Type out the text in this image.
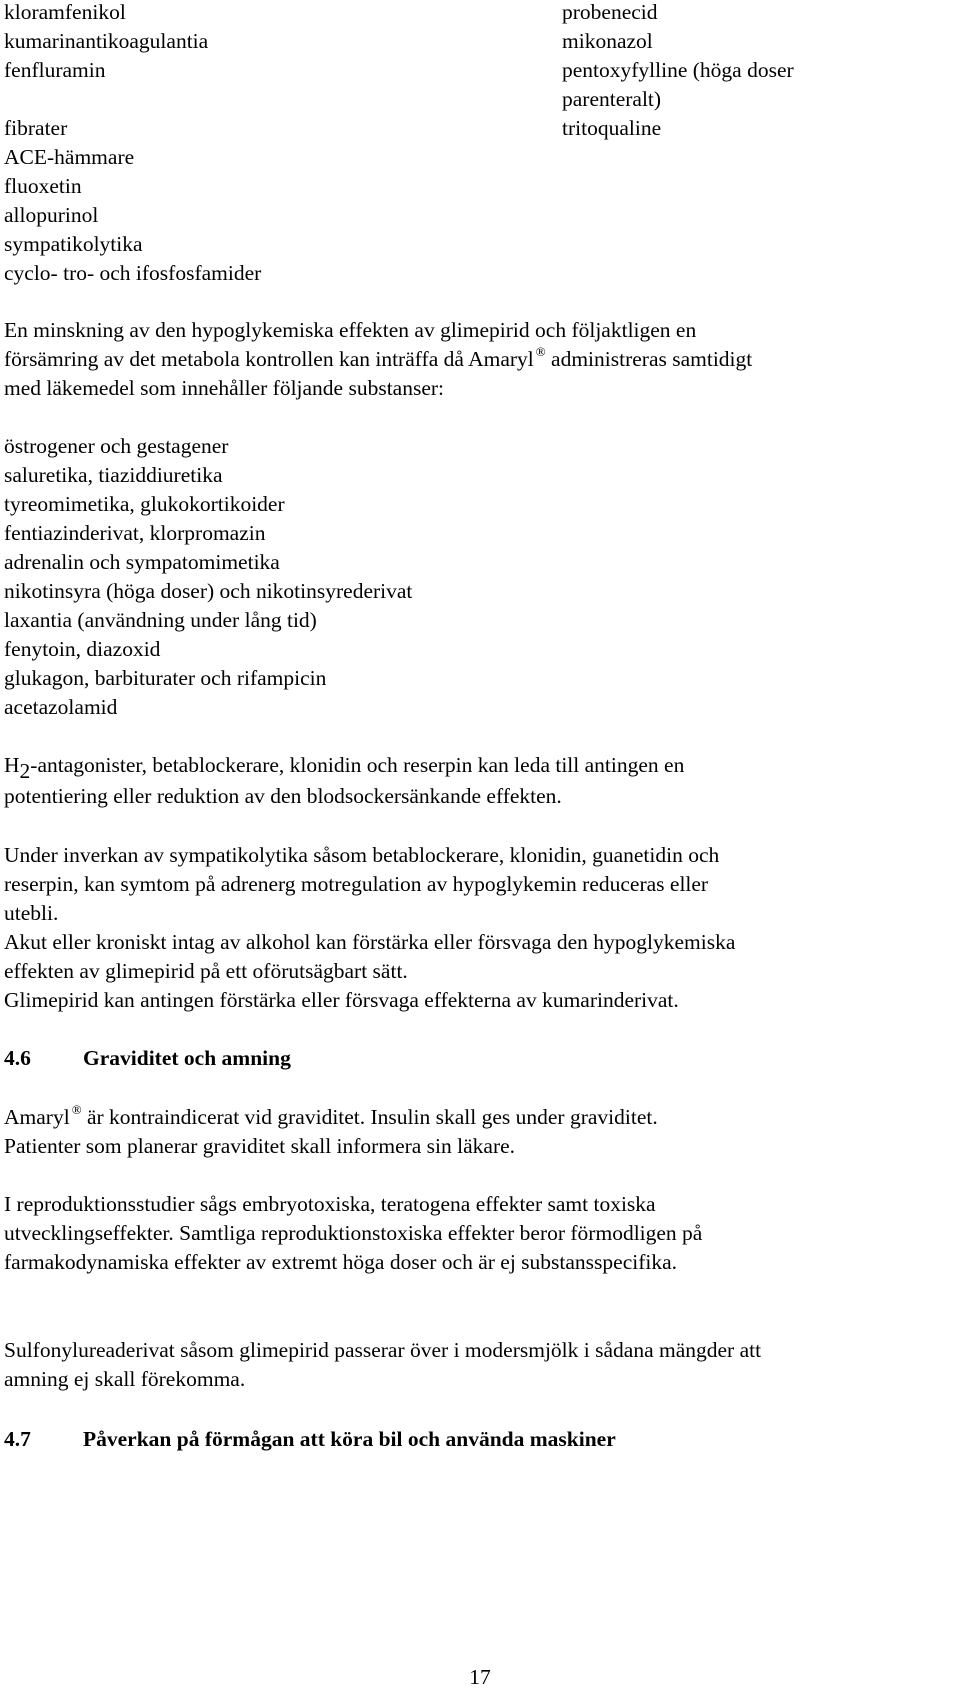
kloramfenikol
kumarinantikoagulantia
fenfluramin
fibrater
ACE-hämmare
fluoxetin
allopurinol
sympatikolytika
cyclo- tro- och ifosfosfamider
probenecid
mikonazol
pentoxyfylline (höga doser
parenteralt)
tritoqualine
En minskning av den hypoglykemiska effekten av glimepirid och följaktligen en
försämring av det metabola kontrollen kan inträffa då Amaryl ® administreras samtidigt
med läkemedel som innehåller följande substanser:
östrogener och gestagener
saluretika, tiaziddiuretika
tyreomimetika, glukokortikoider
fentiazinderivat, klorpromazin
adrenalin och sympatomimetika
nikotinsyra (höga doser) och nikotinsyrederivat
laxantia (användning under lång tid)
fenytoin, diazoxid
glukagon, barbiturater och rifampicin
acetazolamid
H2-antagonister, betablockerare, klonidin och reserpin kan leda till antingen en
potentiering eller reduktion av den blodsockersänkande effekten.
Under inverkan av sympatikolytika såsom betablockerare, klonidin, guanetidin och
reserpin, kan symtom på adrenerg motregulation av hypoglykemin reduceras eller
utebli.
Akut eller kroniskt intag av alkohol kan förstärka eller försvaga den hypoglykemiska
effekten av glimepirid på ett oförutsägbart sätt.
Glimepirid kan antingen förstärka eller försvaga effekterna av kumarinderivat.
4.6 Graviditet och amning
Amaryl ® är kontraindicerat vid graviditet. Insulin skall ges under graviditet.
Patienter som planerar graviditet skall informera sin läkare.
I reproduktionsstudier sågs embryotoxiska, teratogena effekter samt toxiska
utvecklingseffekter. Samtliga reproduktionstoxiska effekter beror förmodligen på
farmakodynamiska effekter av extremt höga doser och är ej substansspecifika.
Sulfonylureaderivat såsom glimepirid passerar över i modersmjölk i sådana mängder att
amning ej skall förekomma.
4.7 Påverkan på förmågan att köra bil och använda maskiner
17
